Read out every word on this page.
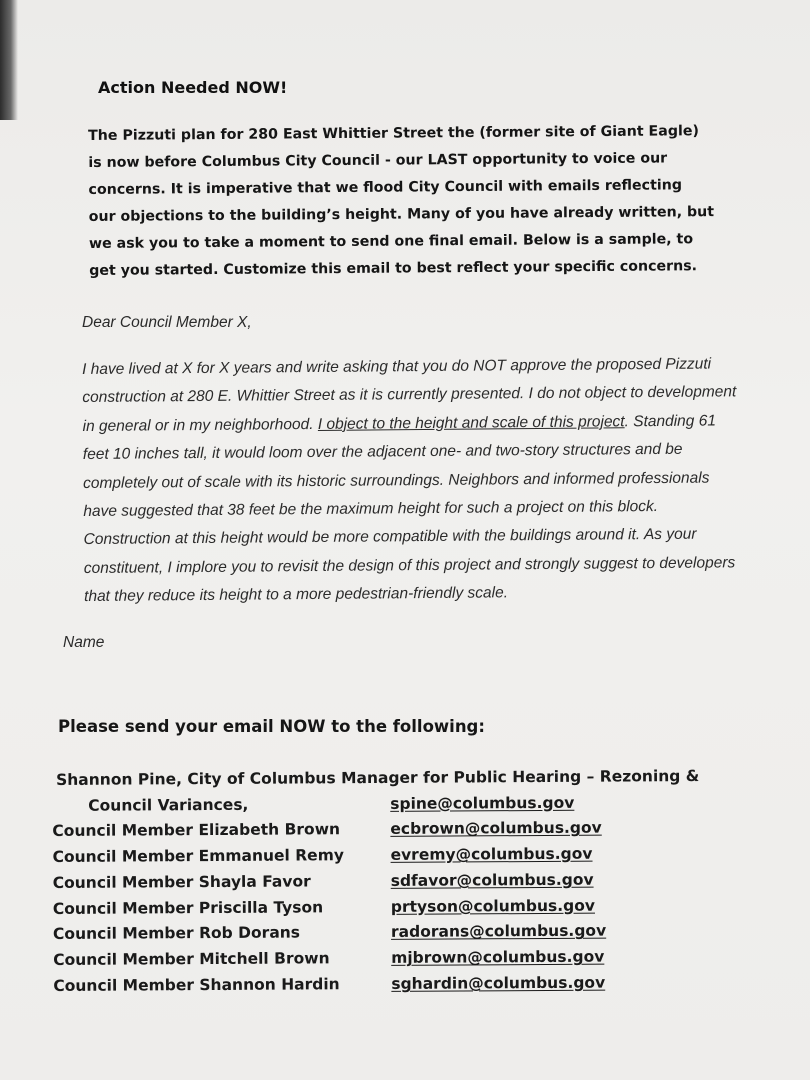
Action Needed NOW!
The Pizzuti plan for 280 East Whittier Street the (former site of Giant Eagle)
is now before Columbus City Council - our LAST opportunity to voice our
concerns. It is imperative that we flood City Council with emails reflecting
our objections to the building’s height. Many of you have already written, but
we ask you to take a moment to send one final email. Below is a sample, to
get you started. Customize this email to best reflect your specific concerns.
Dear Council Member X,
I have lived at X for X years and write asking that you do NOT approve the proposed Pizzuti
construction at 280 E. Whittier Street as it is currently presented. I do not object to development
in general or in my neighborhood. I object to the height and scale of this project. Standing 61
feet 10 inches tall, it would loom over the adjacent one- and two-story structures and be
completely out of scale with its historic surroundings. Neighbors and informed professionals
have suggested that 38 feet be the maximum height for such a project on this block.
Construction at this height would be more compatible with the buildings around it. As your
constituent, I implore you to revisit the design of this project and strongly suggest to developers
that they reduce its height to a more pedestrian-friendly scale.
Name
Please send your email NOW to the following:
Shannon Pine, City of Columbus Manager for Public Hearing – Rezoning &
Council Variances,	spine@columbus.gov
Council Member Elizabeth Brown	ecbrown@columbus.gov
Council Member Emmanuel Remy	evremy@columbus.gov
Council Member Shayla Favor	sdfavor@columbus.gov
Council Member Priscilla Tyson	prtyson@columbus.gov
Council Member Rob Dorans	radorans@columbus.gov
Council Member Mitchell Brown	mjbrown@columbus.gov
Council Member Shannon Hardin	sghardin@columbus.gov
